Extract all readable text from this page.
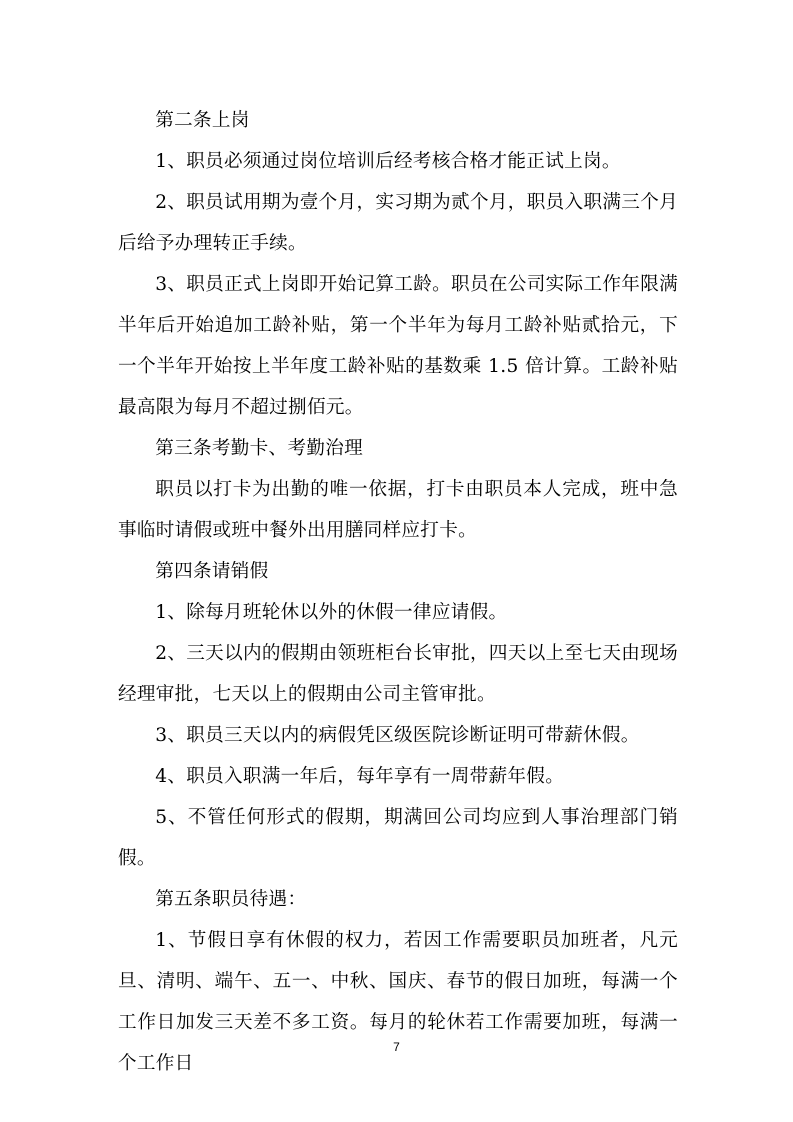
第二条上岗

1、职员必须通过岗位培训后经考核合格才能正试上岗。

2、职员试用期为壹个月，实习期为贰个月，职员入职满三个月后给予办理转正手续。

3、职员正式上岗即开始记算工龄。职员在公司实际工作年限满半年后开始追加工龄补贴，第一个半年为每月工龄补贴贰拾元，下一个半年开始按上半年度工龄补贴的基数乘 1.5 倍计算。工龄补贴最高限为每月不超过捌佰元。

第三条考勤卡、考勤治理

职员以打卡为出勤的唯一依据，打卡由职员本人完成，班中急事临时请假或班中餐外出用膳同样应打卡。

第四条请销假

1、除每月班轮休以外的休假一律应请假。

2、三天以内的假期由领班柜台长审批，四天以上至七天由现场经理审批，七天以上的假期由公司主管审批。

3、职员三天以内的病假凭区级医院诊断证明可带薪休假。

4、职员入职满一年后，每年享有一周带薪年假。

5、不管任何形式的假期，期满回公司均应到人事治理部门销假。

第五条职员待遇：

1、节假日享有休假的权力，若因工作需要职员加班者，凡元旦、清明、端午、五一、中秋、国庆、春节的假日加班，每满一个工作日加发三天差不多工资。每月的轮休若工作需要加班，每满一个工作日

7
